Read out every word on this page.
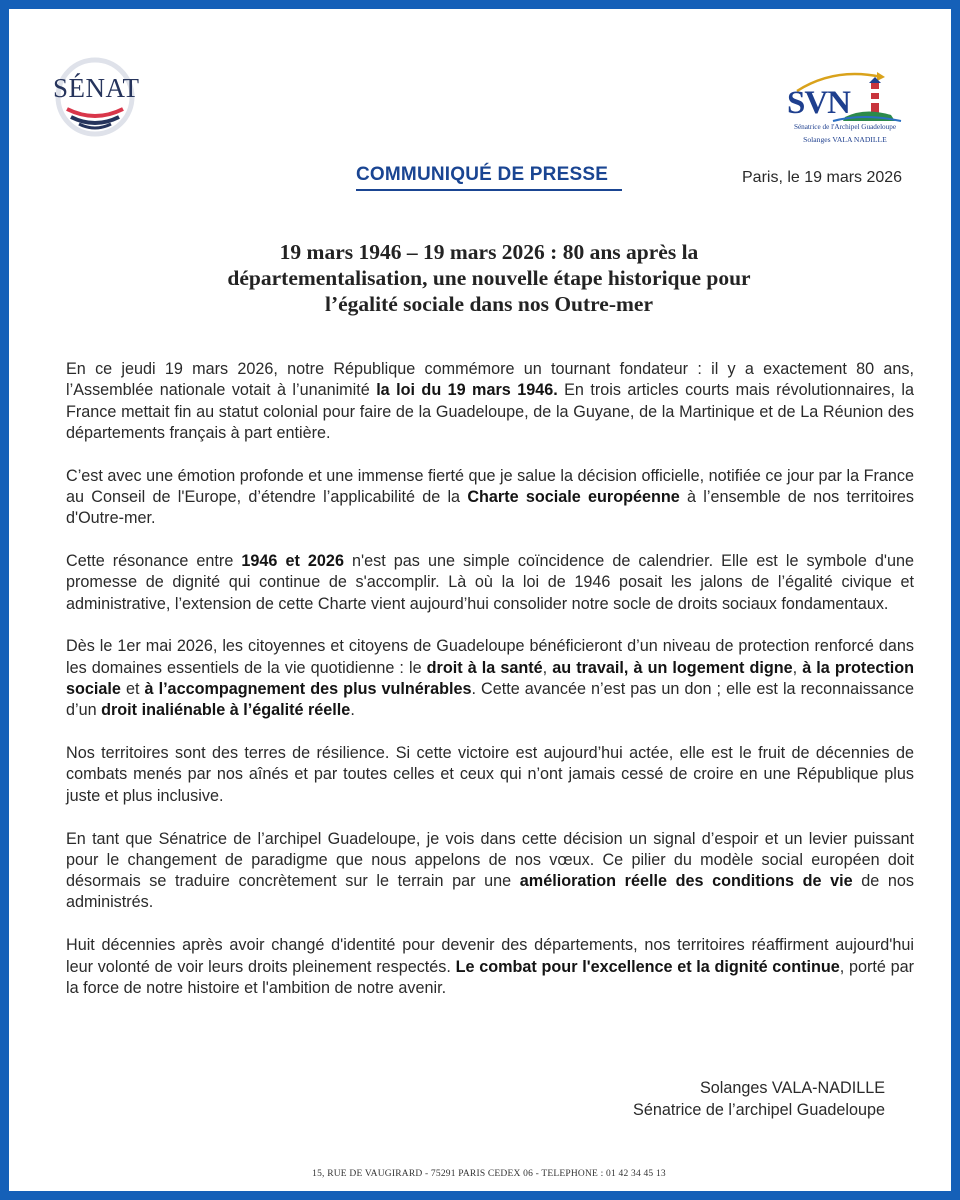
SÉNAT	SVN
Sénatrice de l'Archipel Guadeloupe
Solanges VALA NADILLE
COMMUNIQUÉ DE PRESSE	Paris, le 19 mars 2026
19 mars 1946 – 19 mars 2026 : 80 ans après la
départementalisation, une nouvelle étape historique pour
l’égalité sociale dans nos Outre-mer

En ce jeudi 19 mars 2026, notre République commémore un tournant fondateur : il y a exactement 80 ans, l’Assemblée nationale votait à l’unanimité la loi du 19 mars 1946. En trois articles courts mais révolutionnaires, la France mettait fin au statut colonial pour faire de la Guadeloupe, de la Guyane, de la Martinique et de La Réunion des départements français à part entière.

C’est avec une émotion profonde et une immense fierté que je salue la décision officielle, notifiée ce jour par la France au Conseil de l'Europe, d’étendre l’applicabilité de la Charte sociale européenne à l’ensemble de nos territoires d'Outre-mer.

Cette résonance entre 1946 et 2026 n'est pas une simple coïncidence de calendrier. Elle est le symbole d'une promesse de dignité qui continue de s'accomplir. Là où la loi de 1946 posait les jalons de l’égalité civique et administrative, l’extension de cette Charte vient aujourd’hui consolider notre socle de droits sociaux fondamentaux.

Dès le 1er mai 2026, les citoyennes et citoyens de Guadeloupe bénéficieront d’un niveau de protection renforcé dans les domaines essentiels de la vie quotidienne : le droit à la santé, au travail, à un logement digne, à la protection sociale et à l’accompagnement des plus vulnérables. Cette avancée n’est pas un don ; elle est la reconnaissance d’un droit inaliénable à l’égalité réelle.

Nos territoires sont des terres de résilience. Si cette victoire est aujourd’hui actée, elle est le fruit de décennies de combats menés par nos aînés et par toutes celles et ceux qui n’ont jamais cessé de croire en une République plus juste et plus inclusive.

En tant que Sénatrice de l’archipel Guadeloupe, je vois dans cette décision un signal d’espoir et un levier puissant pour le changement de paradigme que nous appelons de nos vœux. Ce pilier du modèle social européen doit désormais se traduire concrètement sur le terrain par une amélioration réelle des conditions de vie de nos administrés.

Huit décennies après avoir changé d'identité pour devenir des départements, nos territoires réaffirment aujourd'hui leur volonté de voir leurs droits pleinement respectés. Le combat pour l'excellence et la dignité continue, porté par la force de notre histoire et l'ambition de notre avenir.

Solanges VALA-NADILLE
Sénatrice de l’archipel Guadeloupe
15, RUE DE VAUGIRARD - 75291 PARIS CEDEX 06 - TELEPHONE : 01 42 34 45 13
